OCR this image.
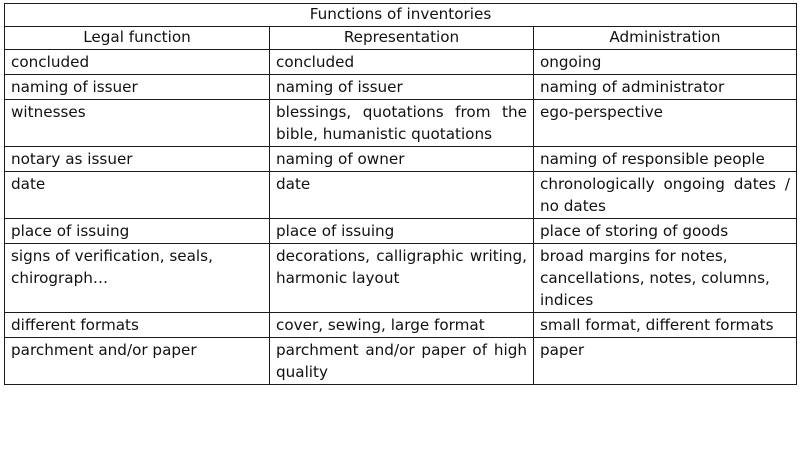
Functions of inventories		
Legal function	Representation	Administration
concluded	concluded	ongoing
naming of issuer	naming of issuer	naming of administrator
witnesses	blessings, quotations from the bible, humanistic quotations	ego-perspective
notary as issuer	naming of owner	naming of responsible people
date	date	chronologically ongoing dates / no dates
place of issuing	place of issuing	place of storing of goods
signs of verification, seals, chirograph…	decorations, calligraphic writing, harmonic layout	broad margins for notes, cancellations, notes, columns, indices
different formats	cover, sewing, large format	small format, different formats
parchment and/or paper	parchment and/or paper of high quality	paper
